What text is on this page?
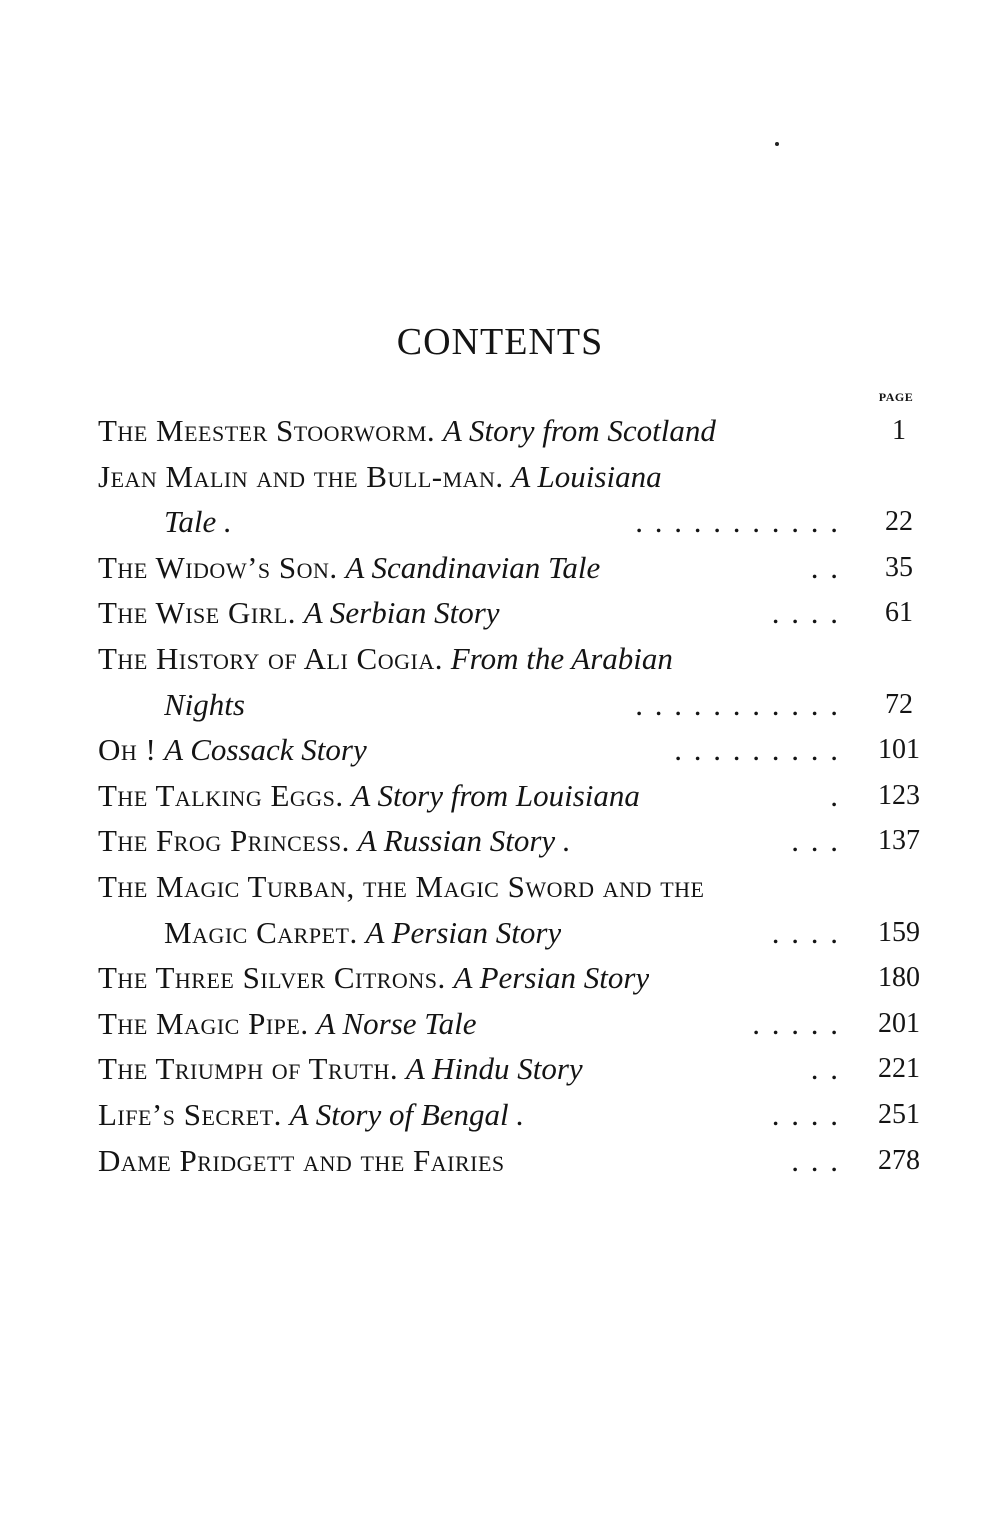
CONTENTS
PAGE
The Meester Stoorworm. A Story from Scotland	1
Jean Malin and the Bull-man. A Louisiana
Tale .	. . . . . . . . . . .	22
The Widow’s Son. A Scandinavian Tale	. .	35
The Wise Girl. A Serbian Story	. . . .	61
The History of Ali Cogia. From the Arabian
Nights	. . . . . . . . . . .	72
Oh ! A Cossack Story	. . . . . . . . . 101
The Talking Eggs. A Story from Louisiana	. 123
The Frog Princess. A Russian Story .	. . . 137
The Magic Turban, the Magic Sword and the
Magic Carpet. A Persian Story	. . . . 159
The Three Silver Citrons. A Persian Story	180
The Magic Pipe. A Norse Tale	. . . . . 201
The Triumph of Truth. A Hindu Story	. . 221
Life’s Secret. A Story of Bengal .	. . . . 251
Dame Pridgett and the Fairies	. . . 278
